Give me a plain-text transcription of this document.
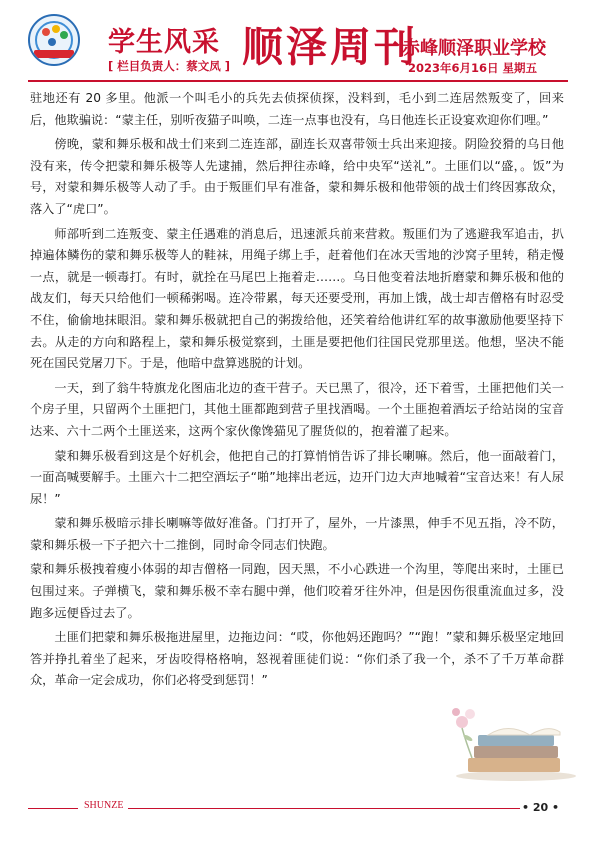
学生风采
[ 栏目负责人：蔡文凤 ] 顺泽周刊
赤峰顺泽职业学校
2023年6月16日 星期五

驻地还有 20 多里。他派一个叫毛小的兵先去侦探侦探，没料到，毛小到二连居然叛变了，回来后，他欺骗说：“蒙主任，别听夜猫子叫唤，二连一点事也没有，乌日他连长正设宴欢迎你们哩。”

傍晚，蒙和舞乐极和战士们来到二连连部，副连长双喜带领士兵出来迎接。阴险狡猾的乌日他没有来，传令把蒙和舞乐极等人先逮捕，然后押往赤峰，给中央军“送礼”。土匪们以“盛，。饭”为号，对蒙和舞乐极等人动了手。由于叛匪们早有准备，蒙和舞乐极和他带领的战士们终因寡敌众，落入了“虎口”。

师部听到二连叛变、蒙主任遇难的消息后，迅速派兵前来营救。叛匪们为了逃避我军追击，扒掉遍体鳞伤的蒙和舞乐极等人的鞋袜，用绳子绑上手，赶着他们在冰天雪地的沙窝子里转，稍走慢一点，就是一顿毒打。有时，就拴在马尾巴上拖着走……。乌日他变着法地折磨蒙和舞乐极和他的战友们，每天只给他们一顿稀粥喝。连冷带累，每天还要受刑，再加上饿，战士却吉僧格有时忍受不住，偷偷地抹眼泪。蒙和舞乐极就把自己的粥拨给他，还笑着给他讲红军的故事激励他要坚持下去。从走的方向和路程上，蒙和舞乐极觉察到，土匪是要把他们往国民党那里送。他想，坚决不能死在国民党屠刀下。于是，他暗中盘算逃脱的计划。

一天，到了翁牛特旗龙化图庙北边的查干营子。天已黑了，很冷，还下着雪，土匪把他们关一个房子里，只留两个土匪把门，其他土匪都跑到营子里找酒喝。一个土匪抱着酒坛子给站岗的宝音达来、六十二两个土匪送来，这两个家伙像馋猫见了腥货似的，抱着灌了起来。

蒙和舞乐极看到这是个好机会，他把自己的打算悄悄告诉了排长喇嘛。然后，他一面敲着门，一面高喊要解手。土匪六十二把空酒坛子“啪”地摔出老远，边开门边大声地喊着“宝音达来！有人尿尿！”

蒙和舞乐极暗示排长喇嘛等做好准备。门打开了，屋外，一片漆黑，伸手不见五指，冷不防，蒙和舞乐极一下子把六十二推倒，同时命令同志们快跑。

蒙和舞乐极拽着瘦小体弱的却吉僧格一同跑，因天黑，不小心跌进一个沟里，等爬出来时，土匪已包围过来。子弹横飞，蒙和舞乐极不幸右腿中弹，他们咬着牙往外冲，但是因伤很重流血过多，没跑多远便昏过去了。

土匪们把蒙和舞乐极拖进屋里，边拖边问：“哎，你他妈还跑吗？”“跑！”蒙和舞乐极坚定地回答并挣扎着坐了起来，牙齿咬得格格响，怒视着匪徒们说：“你们杀了我一个，杀不了千万革命群众，革命一定会成功，你们必将受到惩罚！”

SHUNZE	• 20 •
